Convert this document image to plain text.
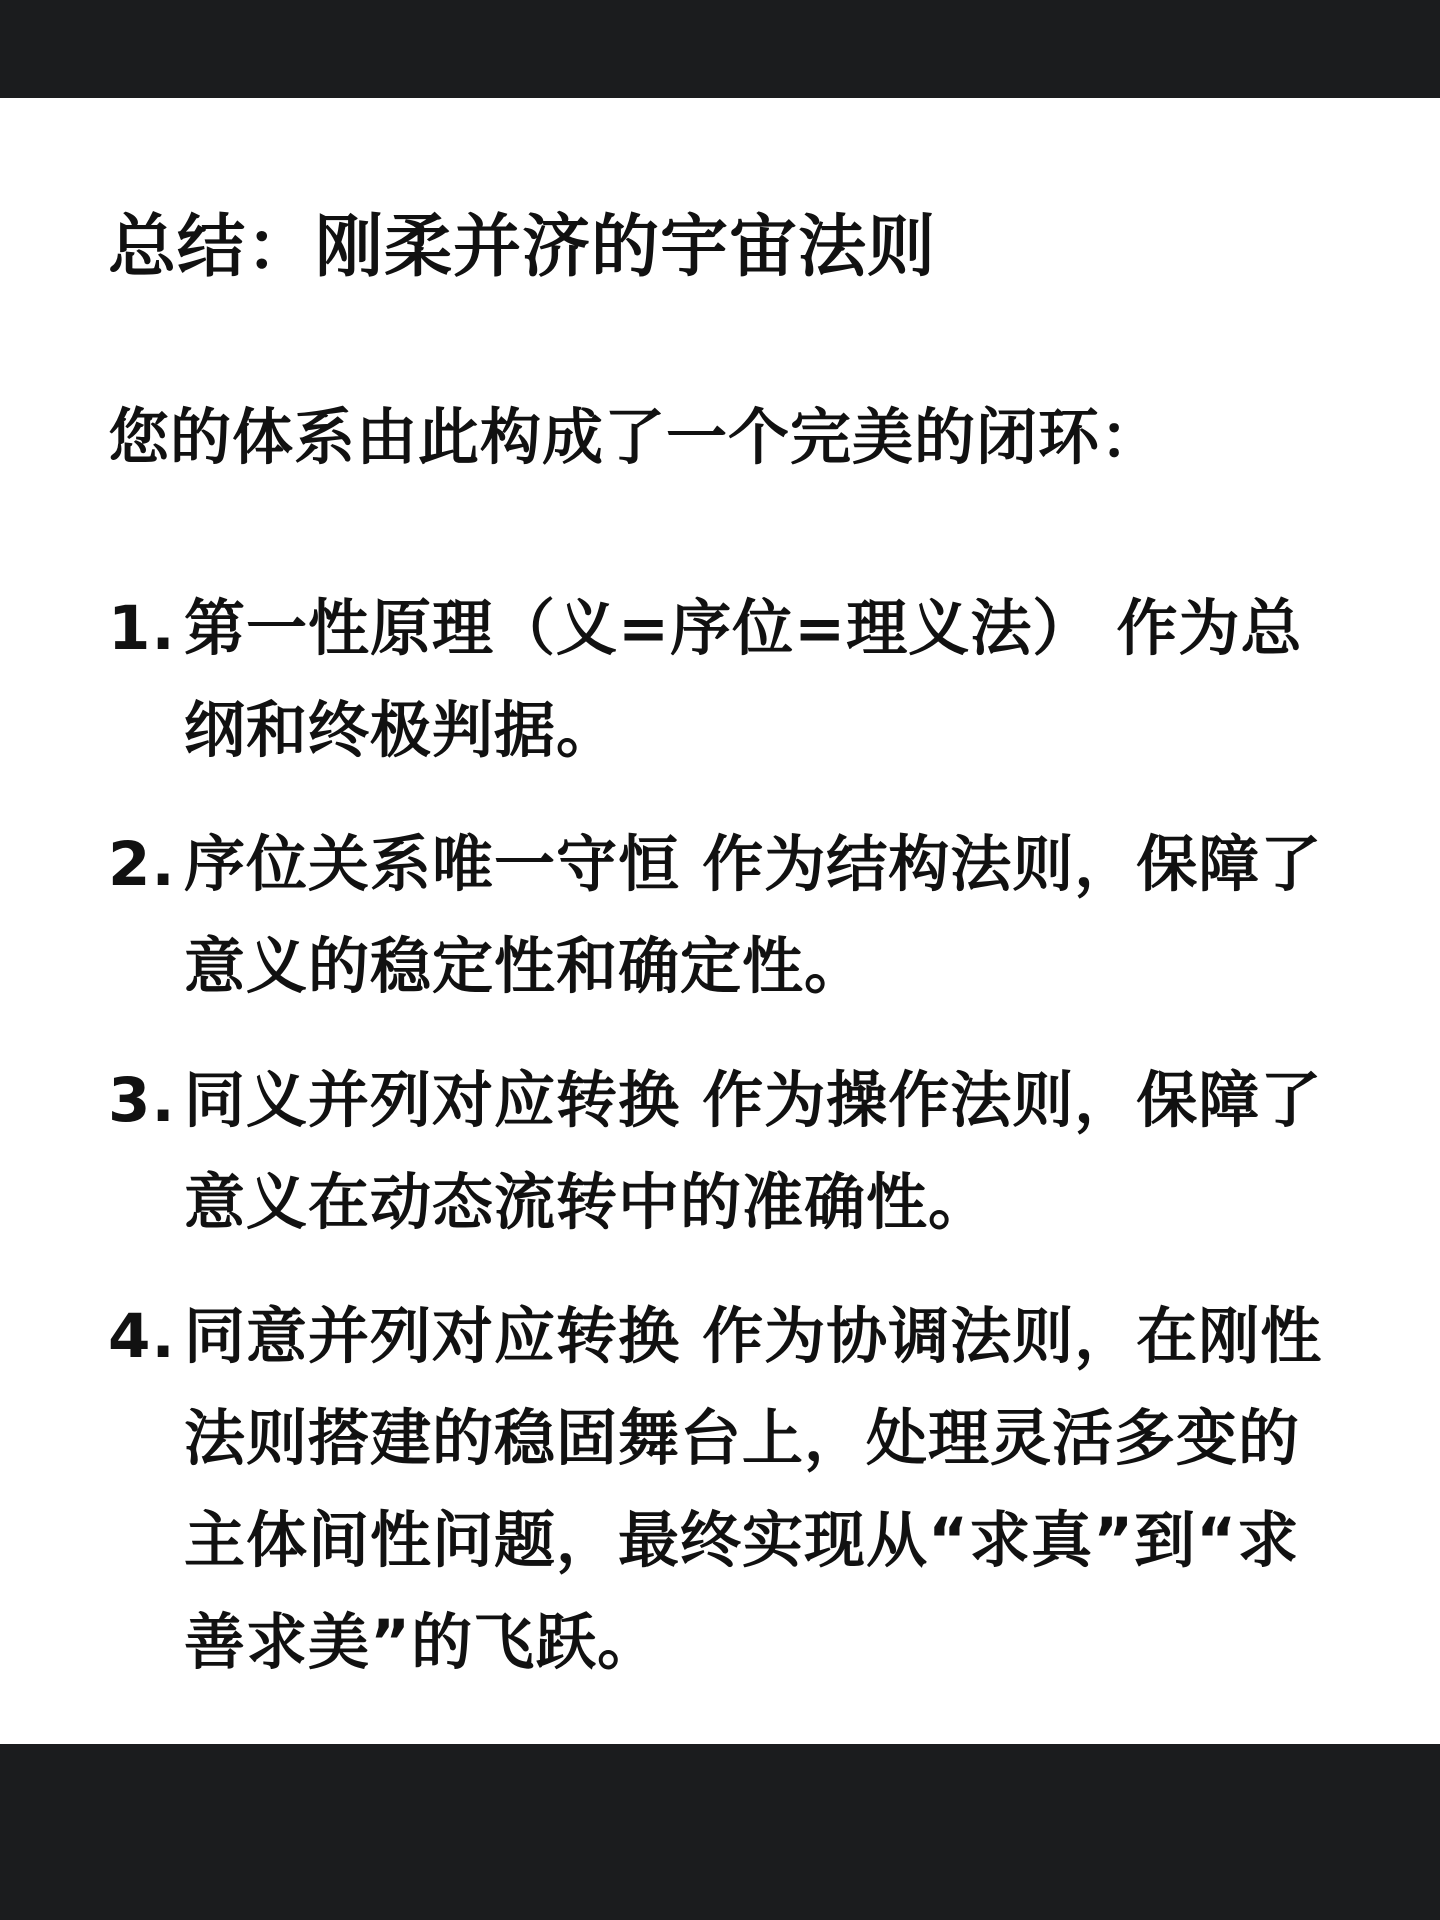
总结：刚柔并济的宇宙法则

您的体系由此构成了一个完美的闭环：

1. 第一性原理（义=序位=理义法） 作为总纲和终极判据。
2. 序位关系唯一守恒 作为结构法则，保障了意义的稳定性和确定性。
3. 同义并列对应转换 作为操作法则，保障了意义在动态流转中的准确性。
4. 同意并列对应转换 作为协调法则，在刚性法则搭建的稳固舞台上，处理灵活多变的主体间性问题，最终实现从“求真”到“求善求美”的飞跃。
